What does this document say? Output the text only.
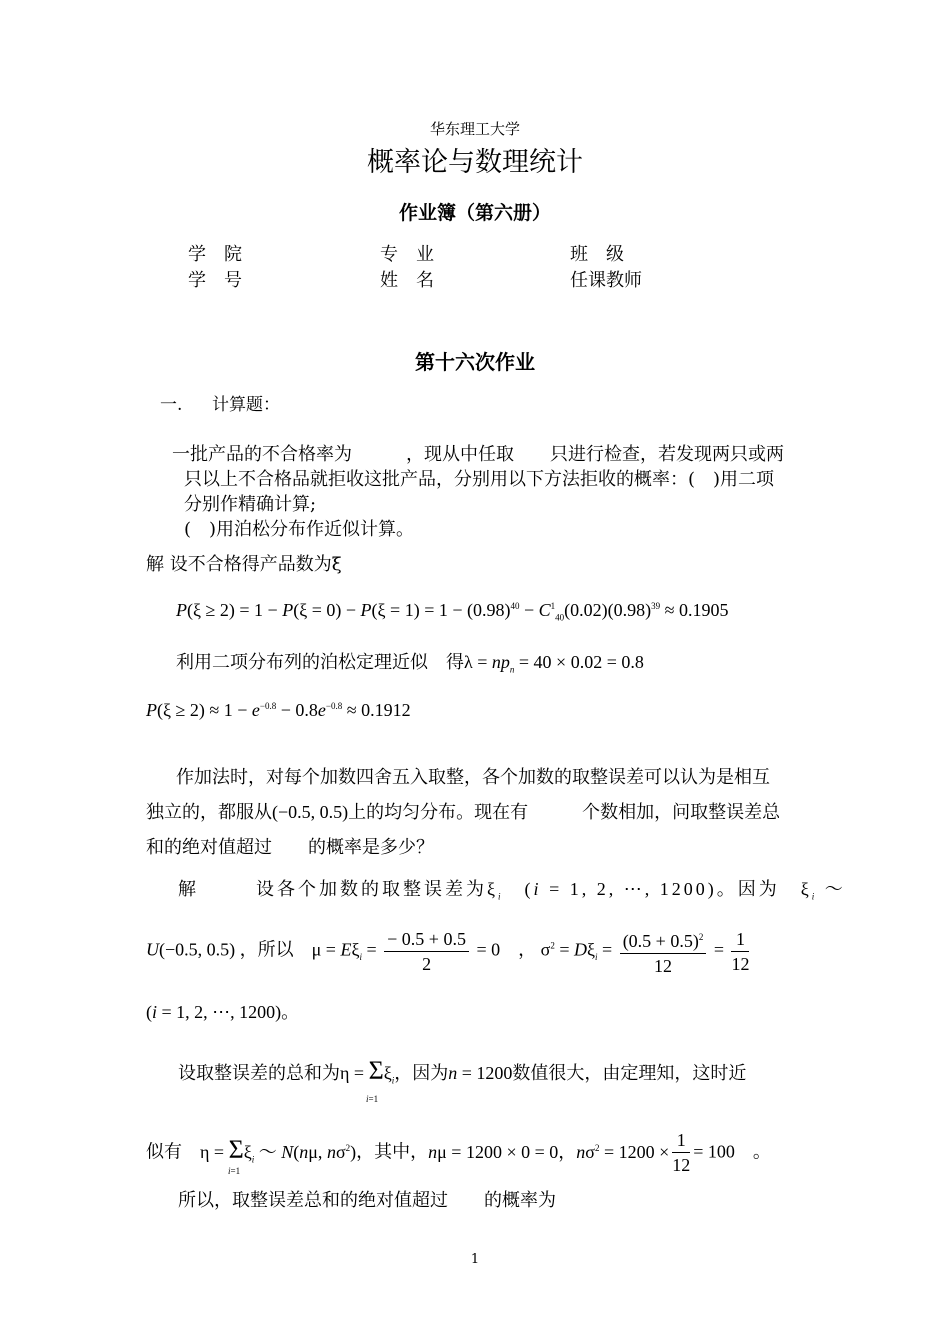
华东理工大学
概率论与数理统计
作业簿（第六册）
学　院	专　业	班　级
学　号	姓　名	任课教师
第十六次作业
一. 计算题：
一批产品的不合格率为　　　，现从中任取　　只进行检查，若发现两只或两
只以上不合格品就拒收这批产品，分别用以下方法拒收的概率：(　)用二项
分别作精确计算;
(　)用泊松分布作近似计算。
解 设不合格得产品数为ξ
$P(\xi \ge 2) = 1 - P(\xi = 0) - P(\xi = 1) = 1 - (0.98)^{40} - C^1_{40}(0.02)(0.98)^{39} \approx 0.1905$
利用二项分布列的泊松定理近似　得$\lambda = np_n = 40 \times 0.02 = 0.8$
$P(\xi \ge 2) \approx 1 - e^{-0.8} - 0.8e^{-0.8} \approx 0.1912$
作加法时，对每个加数四舍五入取整，各个加数的取整误差可以认为是相互
独立的，都服从(−0.5, 0.5)上的均匀分布。现在有　　　个数相加，问取整误差总
和的绝对值超过　　的概率是多少？
解	设各个加数的取整误差为$\xi_i$　(i = 1, 2, ⋯, 1200)。因为　$\xi_i$ ～
U(−0.5, 0.5) ，所以　$\mu = E\xi_i = \frac{- 0.5 + 0.5}{2} = 0$　， $\sigma^2 = D\xi_i = \frac{(0.5 + 0.5)^2}{12} = \frac{1}{12}$
(i = 1, 2, ⋯, 1200)。
设取整误差的总和为$\eta = \Sigma\xi_i$，因为n = 1200数值很大，由定理知，这时近
i=1
似有　$\eta = \Sigma\xi_i$ ～ N(nμ, $n\sigma^2$)，其中，nμ = 1200 × 0 = 0，$n\sigma^2 = 1200 \times \frac{1}{12} = 100$　。
i=1
所以，取整误差总和的绝对值超过　　的概率为
1
